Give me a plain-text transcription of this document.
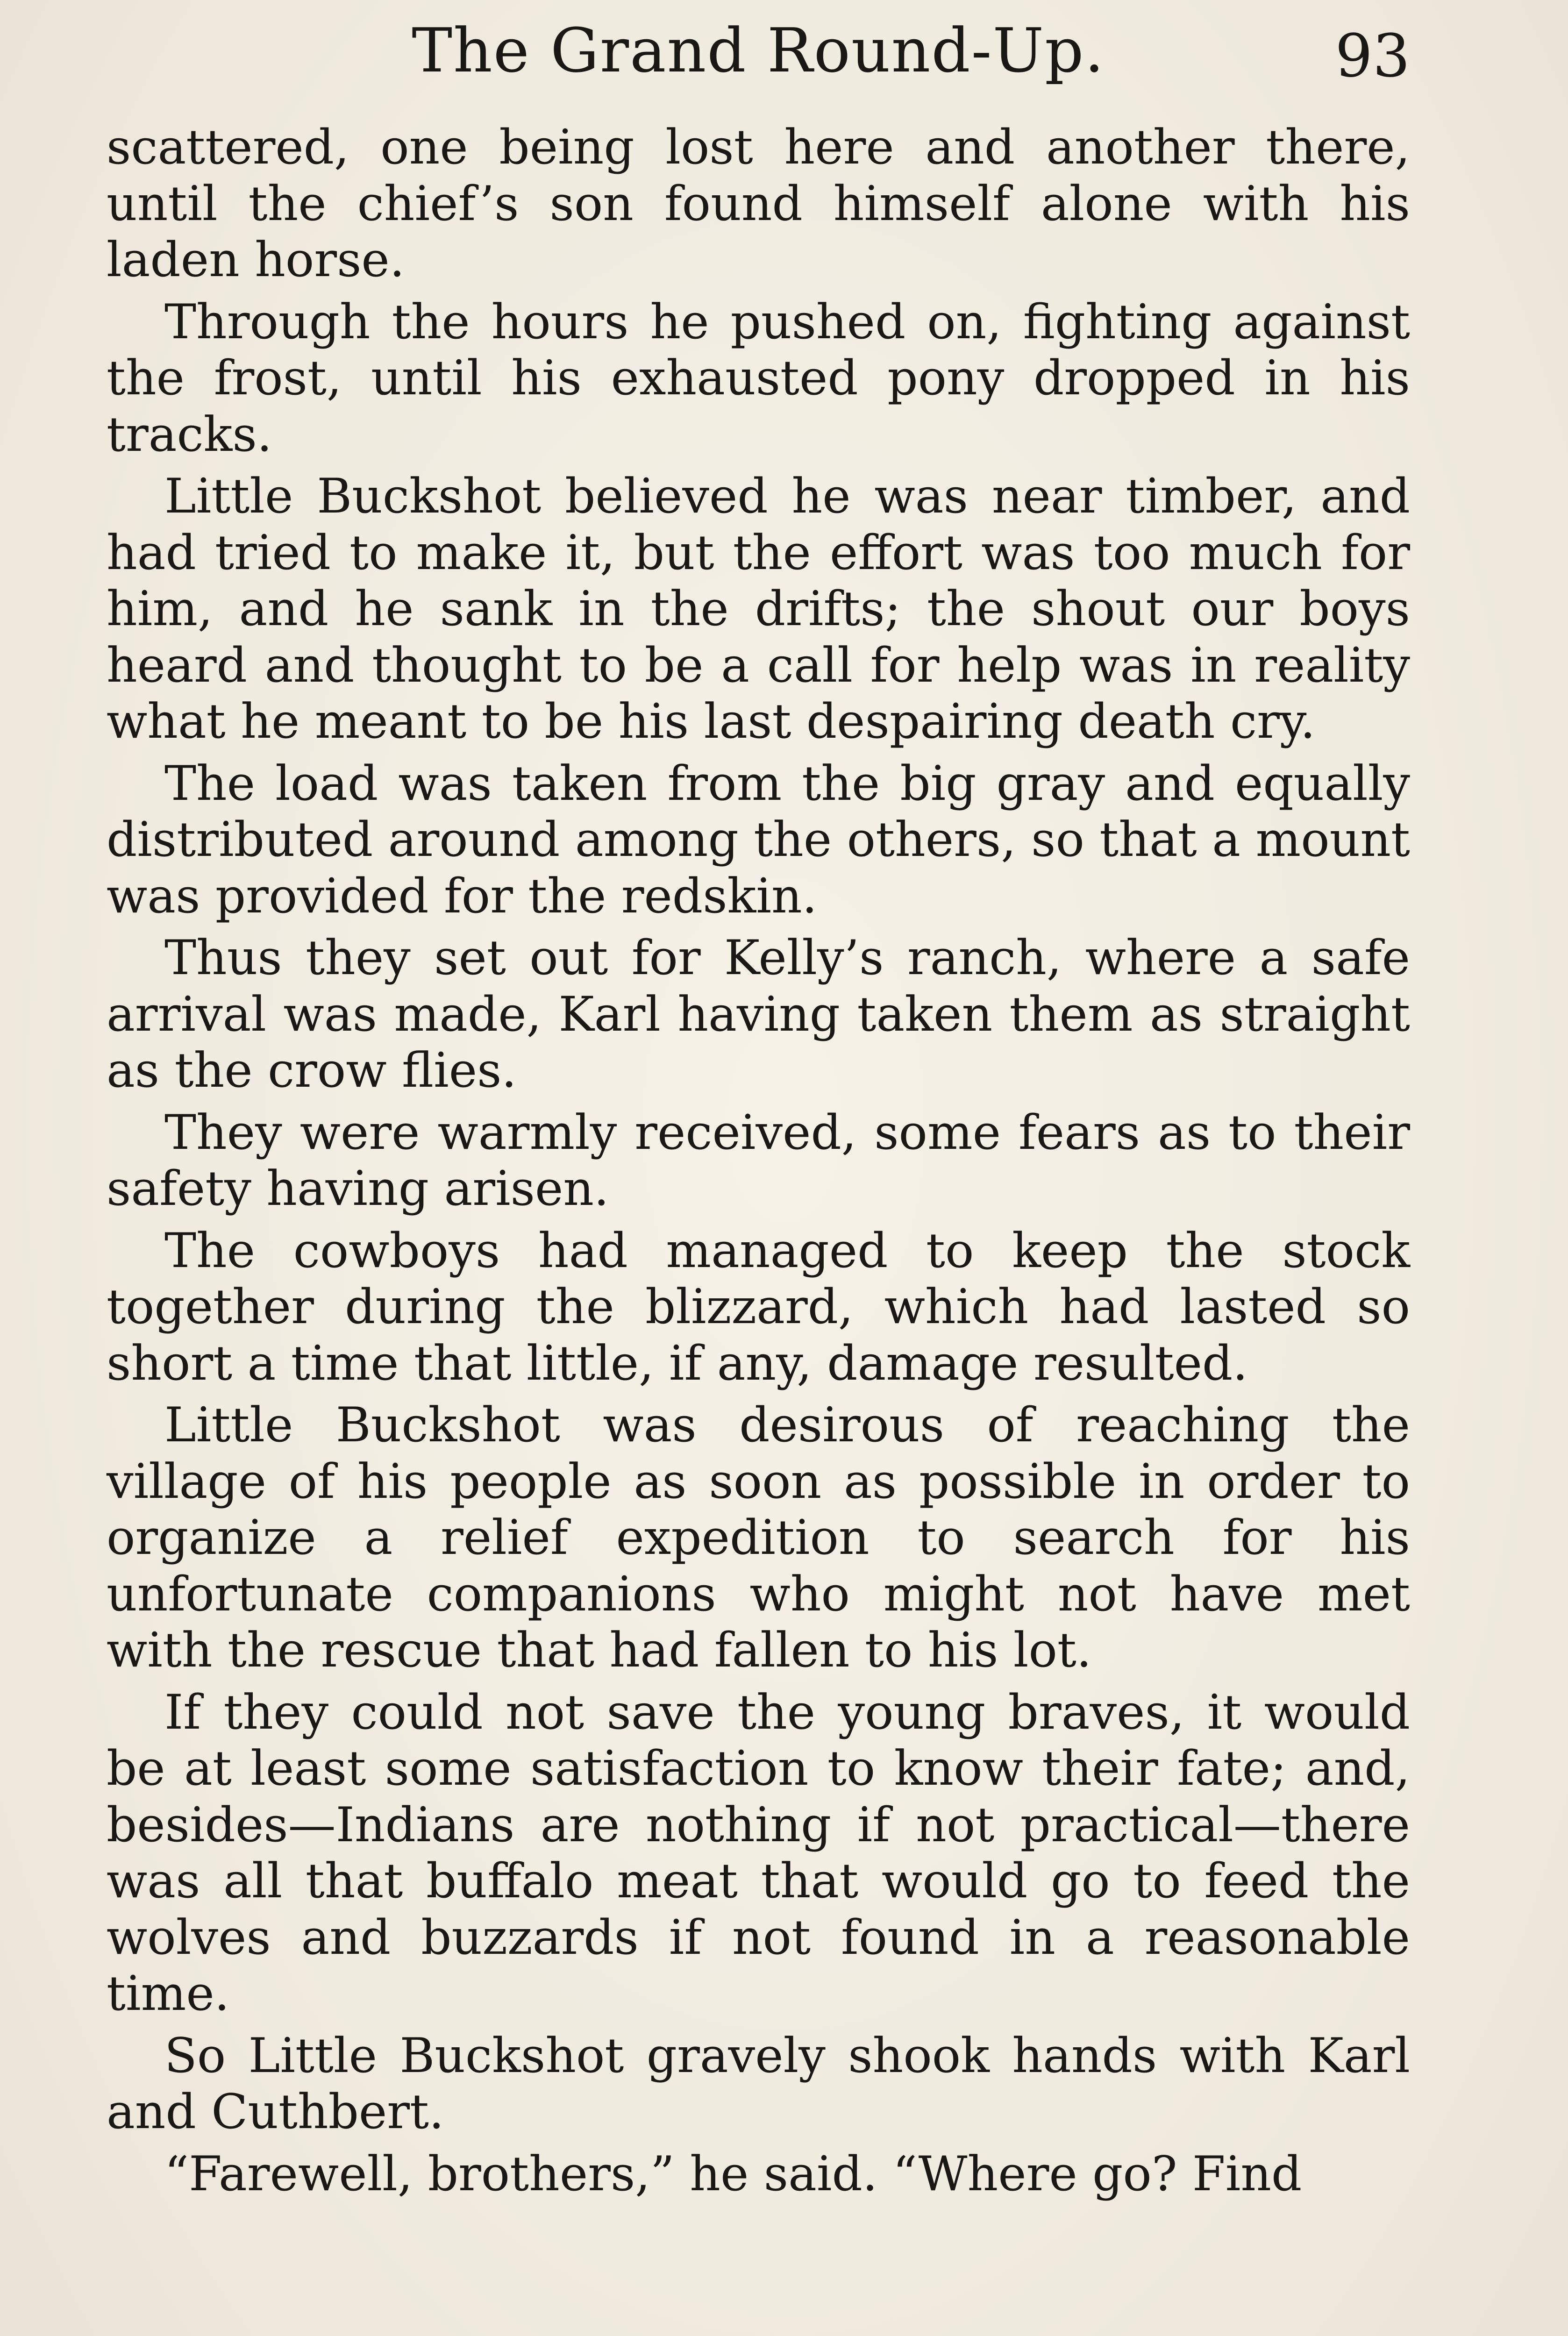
The Grand Round-Up.	93

scattered, one being lost here and another there, until the chief’s son found himself alone with his laden horse.

Through the hours he pushed on, fighting against the frost, until his exhausted pony dropped in his tracks.

Little Buckshot believed he was near timber, and had tried to make it, but the effort was too much for him, and he sank in the drifts; the shout our boys heard and thought to be a call for help was in reality what he meant to be his last despairing death cry.

The load was taken from the big gray and equally distributed around among the others, so that a mount was provided for the redskin.

Thus they set out for Kelly’s ranch, where a safe arrival was made, Karl having taken them as straight as the crow flies.

They were warmly received, some fears as to their safety having arisen.

The cowboys had managed to keep the stock together during the blizzard, which had lasted so short a time that little, if any, damage resulted.

Little Buckshot was desirous of reaching the village of his people as soon as possible in order to organize a relief expedition to search for his unfortunate companions who might not have met with the rescue that had fallen to his lot.

If they could not save the young braves, it would be at least some satisfaction to know their fate; and, besides—Indians are nothing if not practical—there was all that buffalo meat that would go to feed the wolves and buzzards if not found in a reasonable time.

So Little Buckshot gravely shook hands with Karl and Cuthbert.

“Farewell, brothers,” he said. “Where go? Find
